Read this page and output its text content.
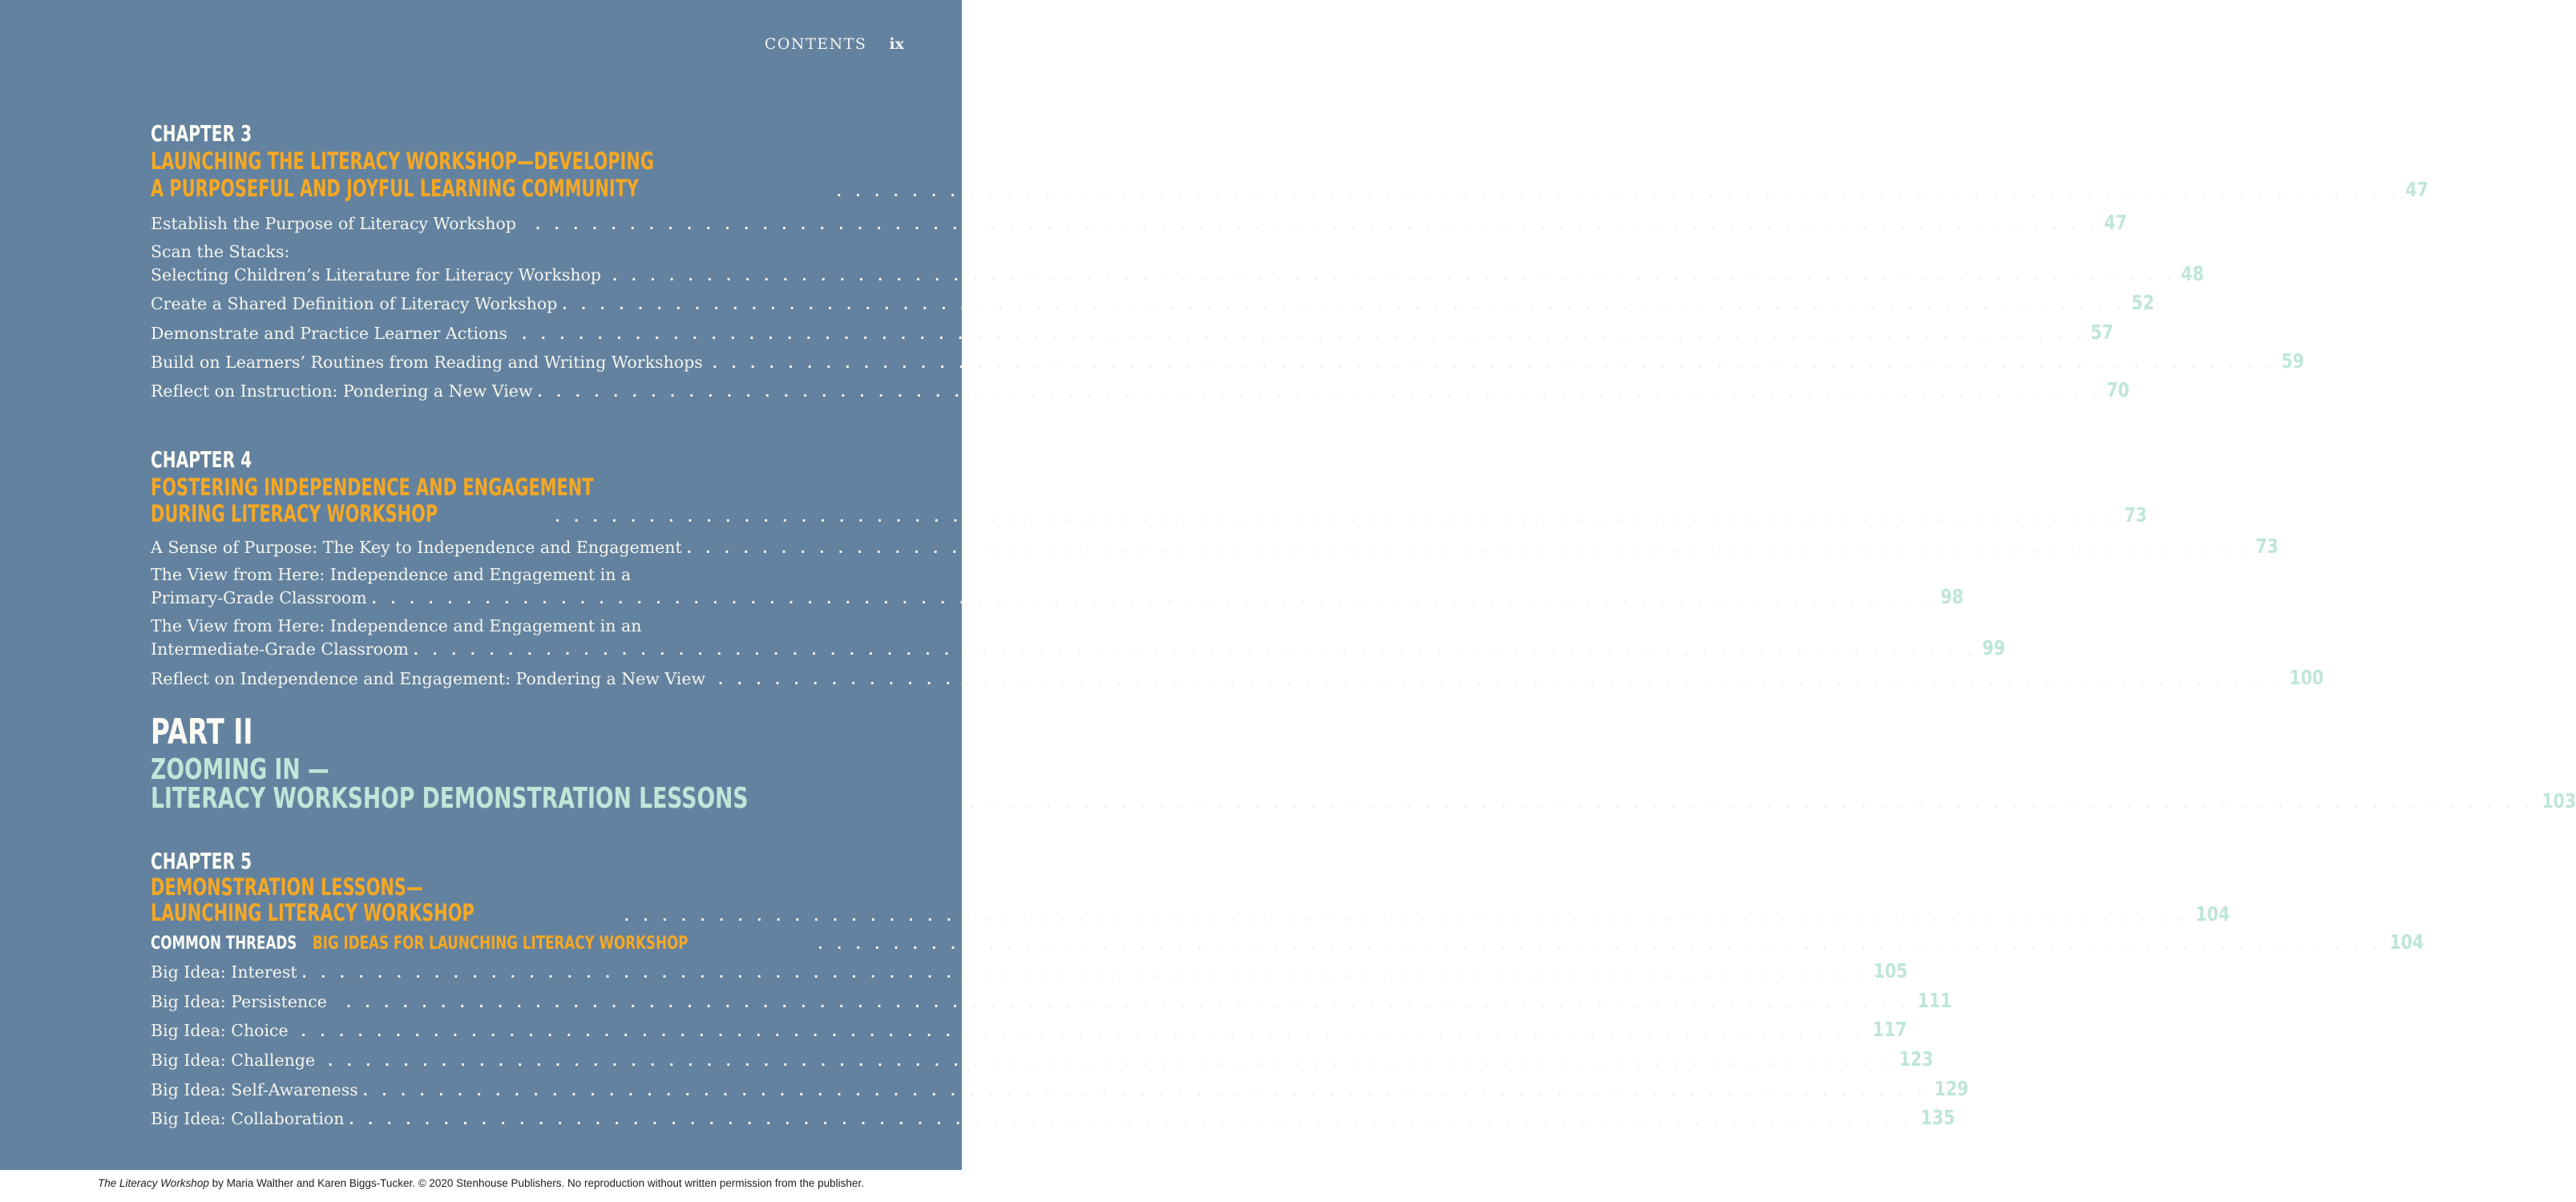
CONTENTS ix
CHAPTER 3
LAUNCHING THE LITERACY WORKSHOP—DEVELOPING
A PURPOSEFUL AND JOYFUL LEARNING COMMUNITY . . .	47
Establish the Purpose of Literacy Workshop . . .	47
Scan the Stacks:
Selecting Children’s Literature for Literacy Workshop . . .	48
Create a Shared Definition of Literacy Workshop . . .	52
Demonstrate and Practice Learner Actions . . .	57
Build on Learners’ Routines from Reading and Writing Workshops . . .	59
Reflect on Instruction: Pondering a New View . . .	70
CHAPTER 4
FOSTERING INDEPENDENCE AND ENGAGEMENT
DURING LITERACY WORKSHOP . . .	73
A Sense of Purpose: The Key to Independence and Engagement . . .	73
The View from Here: Independence and Engagement in a
Primary-Grade Classroom . . .	98
The View from Here: Independence and Engagement in an
Intermediate-Grade Classroom . . .	99
Reflect on Independence and Engagement: Pondering a New View . . .	100
PART II
ZOOMING IN —
LITERACY WORKSHOP DEMONSTRATION LESSONS . . .	103
CHAPTER 5
DEMONSTRATION LESSONS—
LAUNCHING LITERACY WORKSHOP . . .	104
COMMON THREADS BIG IDEAS FOR LAUNCHING LITERACY WORKSHOP . . .	104
Big Idea: Interest . . .	105
Big Idea: Persistence . . .	111
Big Idea: Choice . . .	117
Big Idea: Challenge . . .	123
Big Idea: Self-Awareness . . .	129
Big Idea: Collaboration . . .	135
The Literacy Workshop by Maria Walther and Karen Biggs-Tucker. © 2020 Stenhouse Publishers. No reproduction without written permission from the publisher.
